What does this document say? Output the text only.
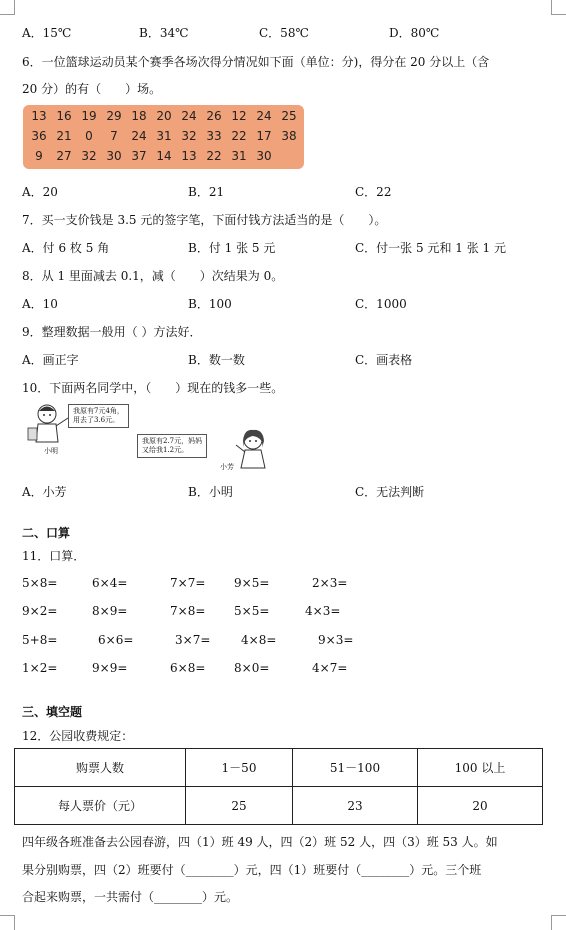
A．15℃	B．34℃	C．58℃	D．80℃
6．一位篮球运动员某个赛季各场次得分情况如下面（单位：分)，得分在 20 分以上（含
20 分）的有（　　）场。
13 16 19 29 18 20 24 26 12 24 25
36 21	0	7	24 31 32 33 22 17 38
9	27 32 30 37 14 13 22 31 30
A．20	B．21	C．22
7．买一支价钱是 3.5 元的签字笔，下面付钱方法适当的是（　　）。
A．付 6 枚 5 角	B．付 1 张 5 元	C．付一张 5 元和 1 张 1 元
8．从 1 里面减去 0.1，减（　　）次结果为 0。
A．10	B．100	C．1000
9．整理数据一般用（ ）方法好．
A．画正字	B．数一数	C．画表格
10．下面两名同学中，（　　）现在的钱多一些。
我原有7元4角，
用去了3.6元。
小明
我原有2.7元，妈妈
又给我1.2元。
小芳
A．小芳	B．小明	C．无法判断
二、口算
11．口算．
5×8=	6×4=	7×7= 9×5=	2×3=
9×2=	8×9=	7×8= 5×5=	4×3=
5+8=	6×6=	3×7=	4×8=	9×3=
1×2=	9×9=	6×8= 8×0=	4×7=
三、填空题
12．公园收费规定：
购票人数	1－50	51－100	100 以上
每人票价（元）	25	23	20
四年级各班准备去公园春游，四（1）班 49 人，四（2）班 52 人，四（3）班 53 人。如
果分别购票，四（2）班要付（________）元，四（1）班要付（________）元。三个班
合起来购票，一共需付（________）元。
